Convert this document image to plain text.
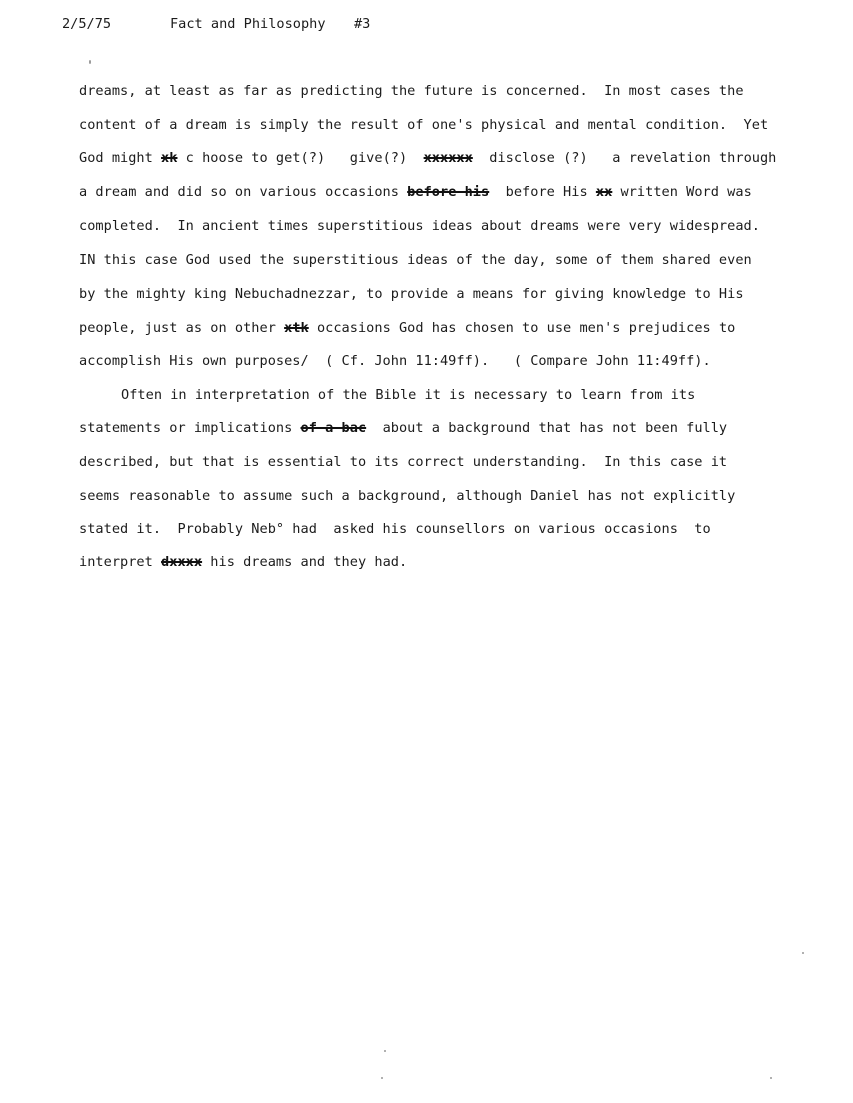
2/5/75

	Fact and Philosophy

#3

dreams, at least as far as predicting the future is concerned.  In most cases the
content of a dream is simply the result of one's physical and mental condition.  Yet
God might xk c hoose to get(?)   give(?)  xxxxxx  disclose (?)   a revelation through
a dream and did so on various occasions before his  before His xx written Word was
completed.  In ancient times superstitious ideas about dreams were very widespread.
IN this case God used the superstitious ideas of the day, some of them shared even
by the mighty king Nebuchadnezzar, to provide a means for giving knowledge to His
people, just as on other xtk occasions God has chosen to use men's prejudices to
accomplish His own purposes/  ( Cf. John 11:49ff).   ( Compare John 11:49ff).
Often in interpretation of the Bible it is necessary to learn from its
statements or implications of a bac  about a background that has not been fully
described, but that is essential to its correct understanding.  In this case it
seems reasonable to assume such a background, although Daniel has not explicitly
stated it.  Probably Neb° had  asked his counsellors on various occasions  to
interpret dxxxx his dreams and they had.
